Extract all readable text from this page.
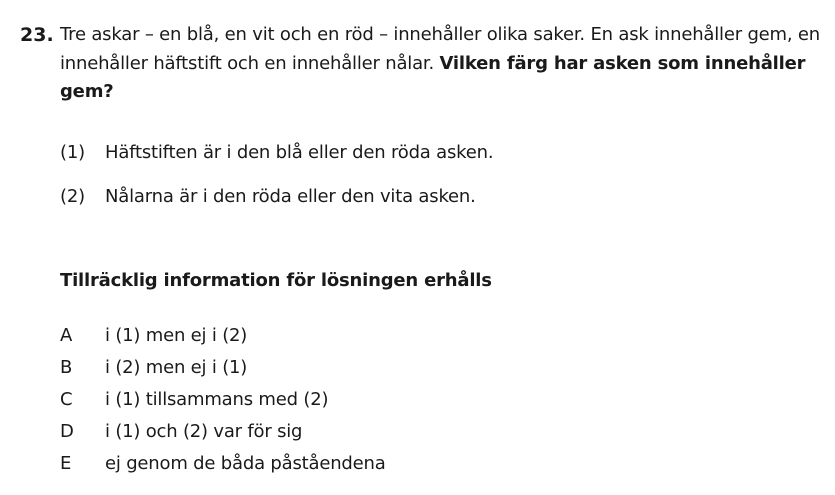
23. Tre askar – en blå, en vit och en röd – innehåller olika saker. En ask innehåller gem, en innehåller häftstift och en innehåller nålar. Vilken färg har asken som innehåller gem?
(1) Häftstiften är i den blå eller den röda asken.
(2) Nålarna är i den röda eller den vita asken.
Tillräcklig information för lösningen erhålls
A i (1) men ej i (2)
B i (2) men ej i (1)
C i (1) tillsammans med (2)
D i (1) och (2) var för sig
E ej genom de båda påståendena
